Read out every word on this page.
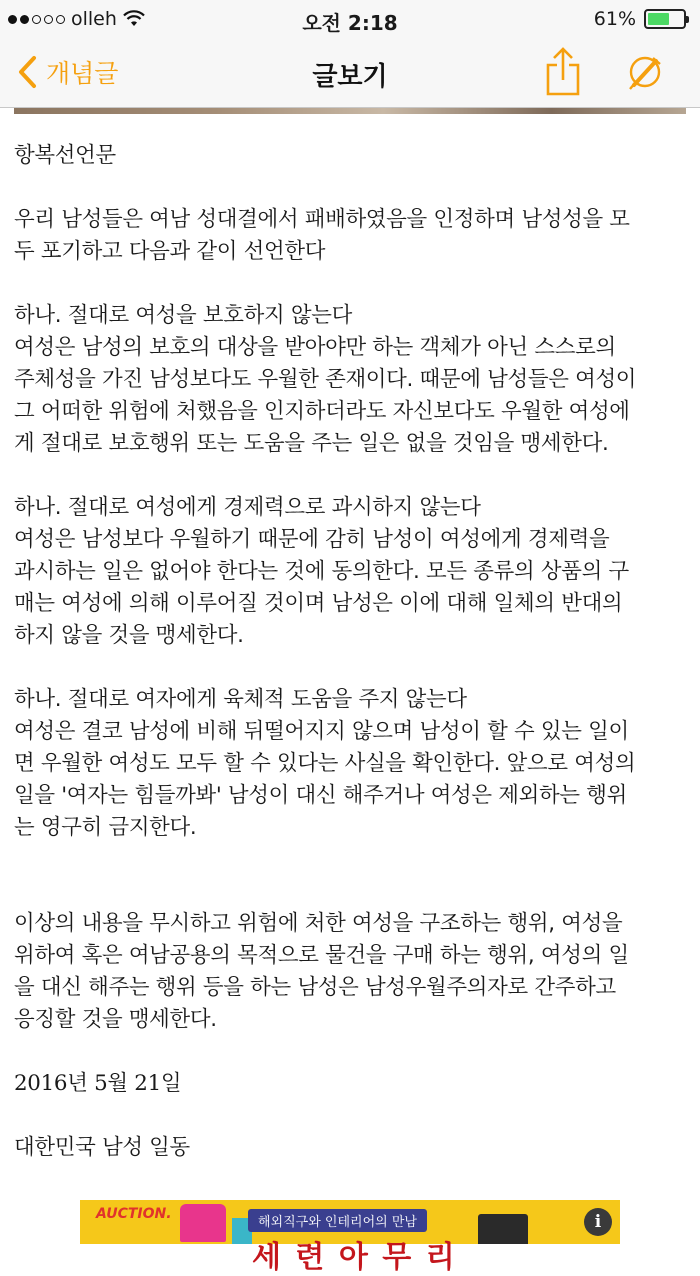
olleh	오전 2:18	61%
개념글	글보기

항복선언문

우리 남성들은 여남 성대결에서 패배하였음을 인정하며 남성성을 모
두 포기하고 다음과 같이 선언한다

하나. 절대로 여성을 보호하지 않는다

여성은 남성의 보호의 대상을 받아야만 하는 객체가 아닌 스스로의
주체성을 가진 남성보다도 우월한 존재이다. 때문에 남성들은 여성이
그 어떠한 위험에 처했음을 인지하더라도 자신보다도 우월한 여성에
게 절대로 보호행위 또는 도움을 주는 일은 없을 것임을 맹세한다.

하나. 절대로 여성에게 경제력으로 과시하지 않는다

여성은 남성보다 우월하기 때문에 감히 남성이 여성에게 경제력을
과시하는 일은 없어야 한다는 것에 동의한다. 모든 종류의 상품의 구
매는 여성에 의해 이루어질 것이며 남성은 이에 대해 일체의 반대의
하지 않을 것을 맹세한다.

하나. 절대로 여자에게 육체적 도움을 주지 않는다

여성은 결코 남성에 비해 뒤떨어지지 않으며 남성이 할 수 있는 일이
면 우월한 여성도 모두 할 수 있다는 사실을 확인한다. 앞으로 여성의
일을 '여자는 힘들까봐' 남성이 대신 해주거나 여성은 제외하는 행위
는 영구히 금지한다.

이상의 내용을 무시하고 위험에 처한 여성을 구조하는 행위, 여성을
위하여 혹은 여남공용의 목적으로 물건을 구매 하는 행위, 여성의 일
을 대신 해주는 행위 등을 하는 남성은 남성우월주의자로 간주하고
응징할 것을 맹세한다.

2016년 5월 21일

대한민국 남성 일동

AUCTION.
해외직구와 인테리어의 만남
세 련 아 무 리
i
